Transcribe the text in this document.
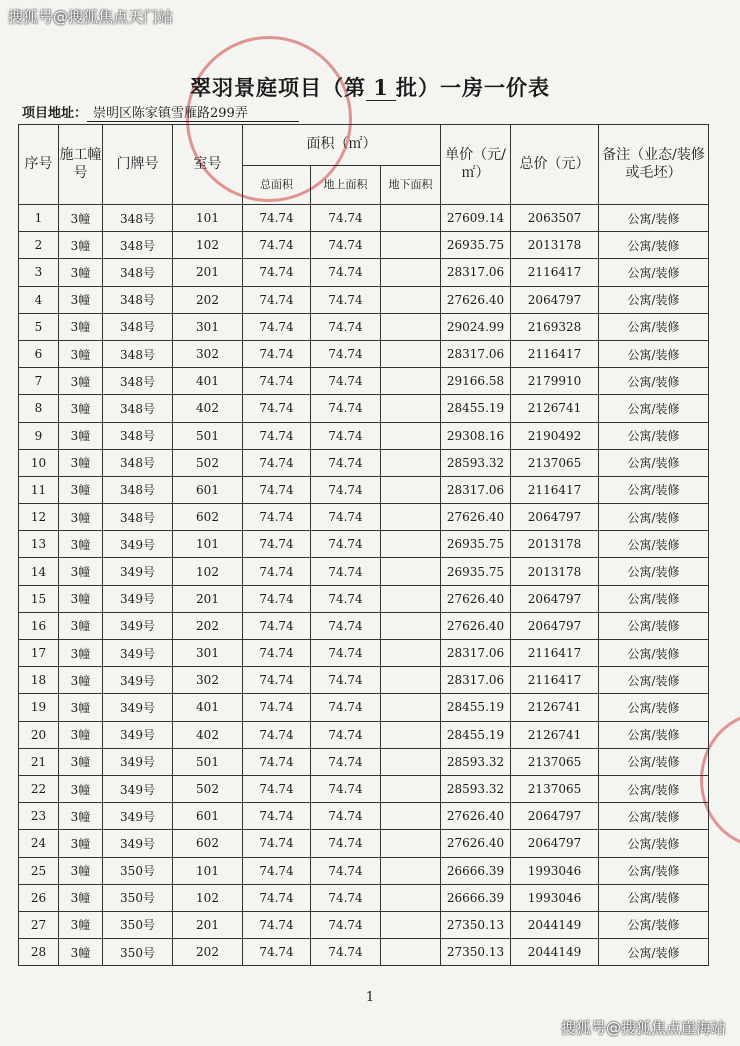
搜狐号@搜狐焦点天门站
翠羽景庭项目（第 1 批）一房一价表
项目地址： 崇明区陈家镇雪雁路299弄
序号	施工幢号	门牌号	室号	面积（㎡）			单价（元/㎡）	总价（元）	备注（业态/装修或毛坯）
				总面积	地上面积	地下面积			
1	3幢	348号	101	74.74	74.74		27609.14	2063507	公寓/装修
2	3幢	348号	102	74.74	74.74		26935.75	2013178	公寓/装修
3	3幢	348号	201	74.74	74.74		28317.06	2116417	公寓/装修
4	3幢	348号	202	74.74	74.74		27626.40	2064797	公寓/装修
5	3幢	348号	301	74.74	74.74		29024.99	2169328	公寓/装修
6	3幢	348号	302	74.74	74.74		28317.06	2116417	公寓/装修
7	3幢	348号	401	74.74	74.74		29166.58	2179910	公寓/装修
8	3幢	348号	402	74.74	74.74		28455.19	2126741	公寓/装修
9	3幢	348号	501	74.74	74.74		29308.16	2190492	公寓/装修
10	3幢	348号	502	74.74	74.74		28593.32	2137065	公寓/装修
11	3幢	348号	601	74.74	74.74		28317.06	2116417	公寓/装修
12	3幢	348号	602	74.74	74.74		27626.40	2064797	公寓/装修
13	3幢	349号	101	74.74	74.74		26935.75	2013178	公寓/装修
14	3幢	349号	102	74.74	74.74		26935.75	2013178	公寓/装修
15	3幢	349号	201	74.74	74.74		27626.40	2064797	公寓/装修
16	3幢	349号	202	74.74	74.74		27626.40	2064797	公寓/装修
17	3幢	349号	301	74.74	74.74		28317.06	2116417	公寓/装修
18	3幢	349号	302	74.74	74.74		28317.06	2116417	公寓/装修
19	3幢	349号	401	74.74	74.74		28455.19	2126741	公寓/装修
20	3幢	349号	402	74.74	74.74		28455.19	2126741	公寓/装修
21	3幢	349号	501	74.74	74.74		28593.32	2137065	公寓/装修
22	3幢	349号	502	74.74	74.74		28593.32	2137065	公寓/装修
23	3幢	349号	601	74.74	74.74		27626.40	2064797	公寓/装修
24	3幢	349号	602	74.74	74.74		27626.40	2064797	公寓/装修
25	3幢	350号	101	74.74	74.74		26666.39	1993046	公寓/装修
26	3幢	350号	102	74.74	74.74		26666.39	1993046	公寓/装修
27	3幢	350号	201	74.74	74.74		27350.13	2044149	公寓/装修
28	3幢	350号	202	74.74	74.74		27350.13	2044149	公寓/装修
1
搜狐号@搜狐焦点崖海站
